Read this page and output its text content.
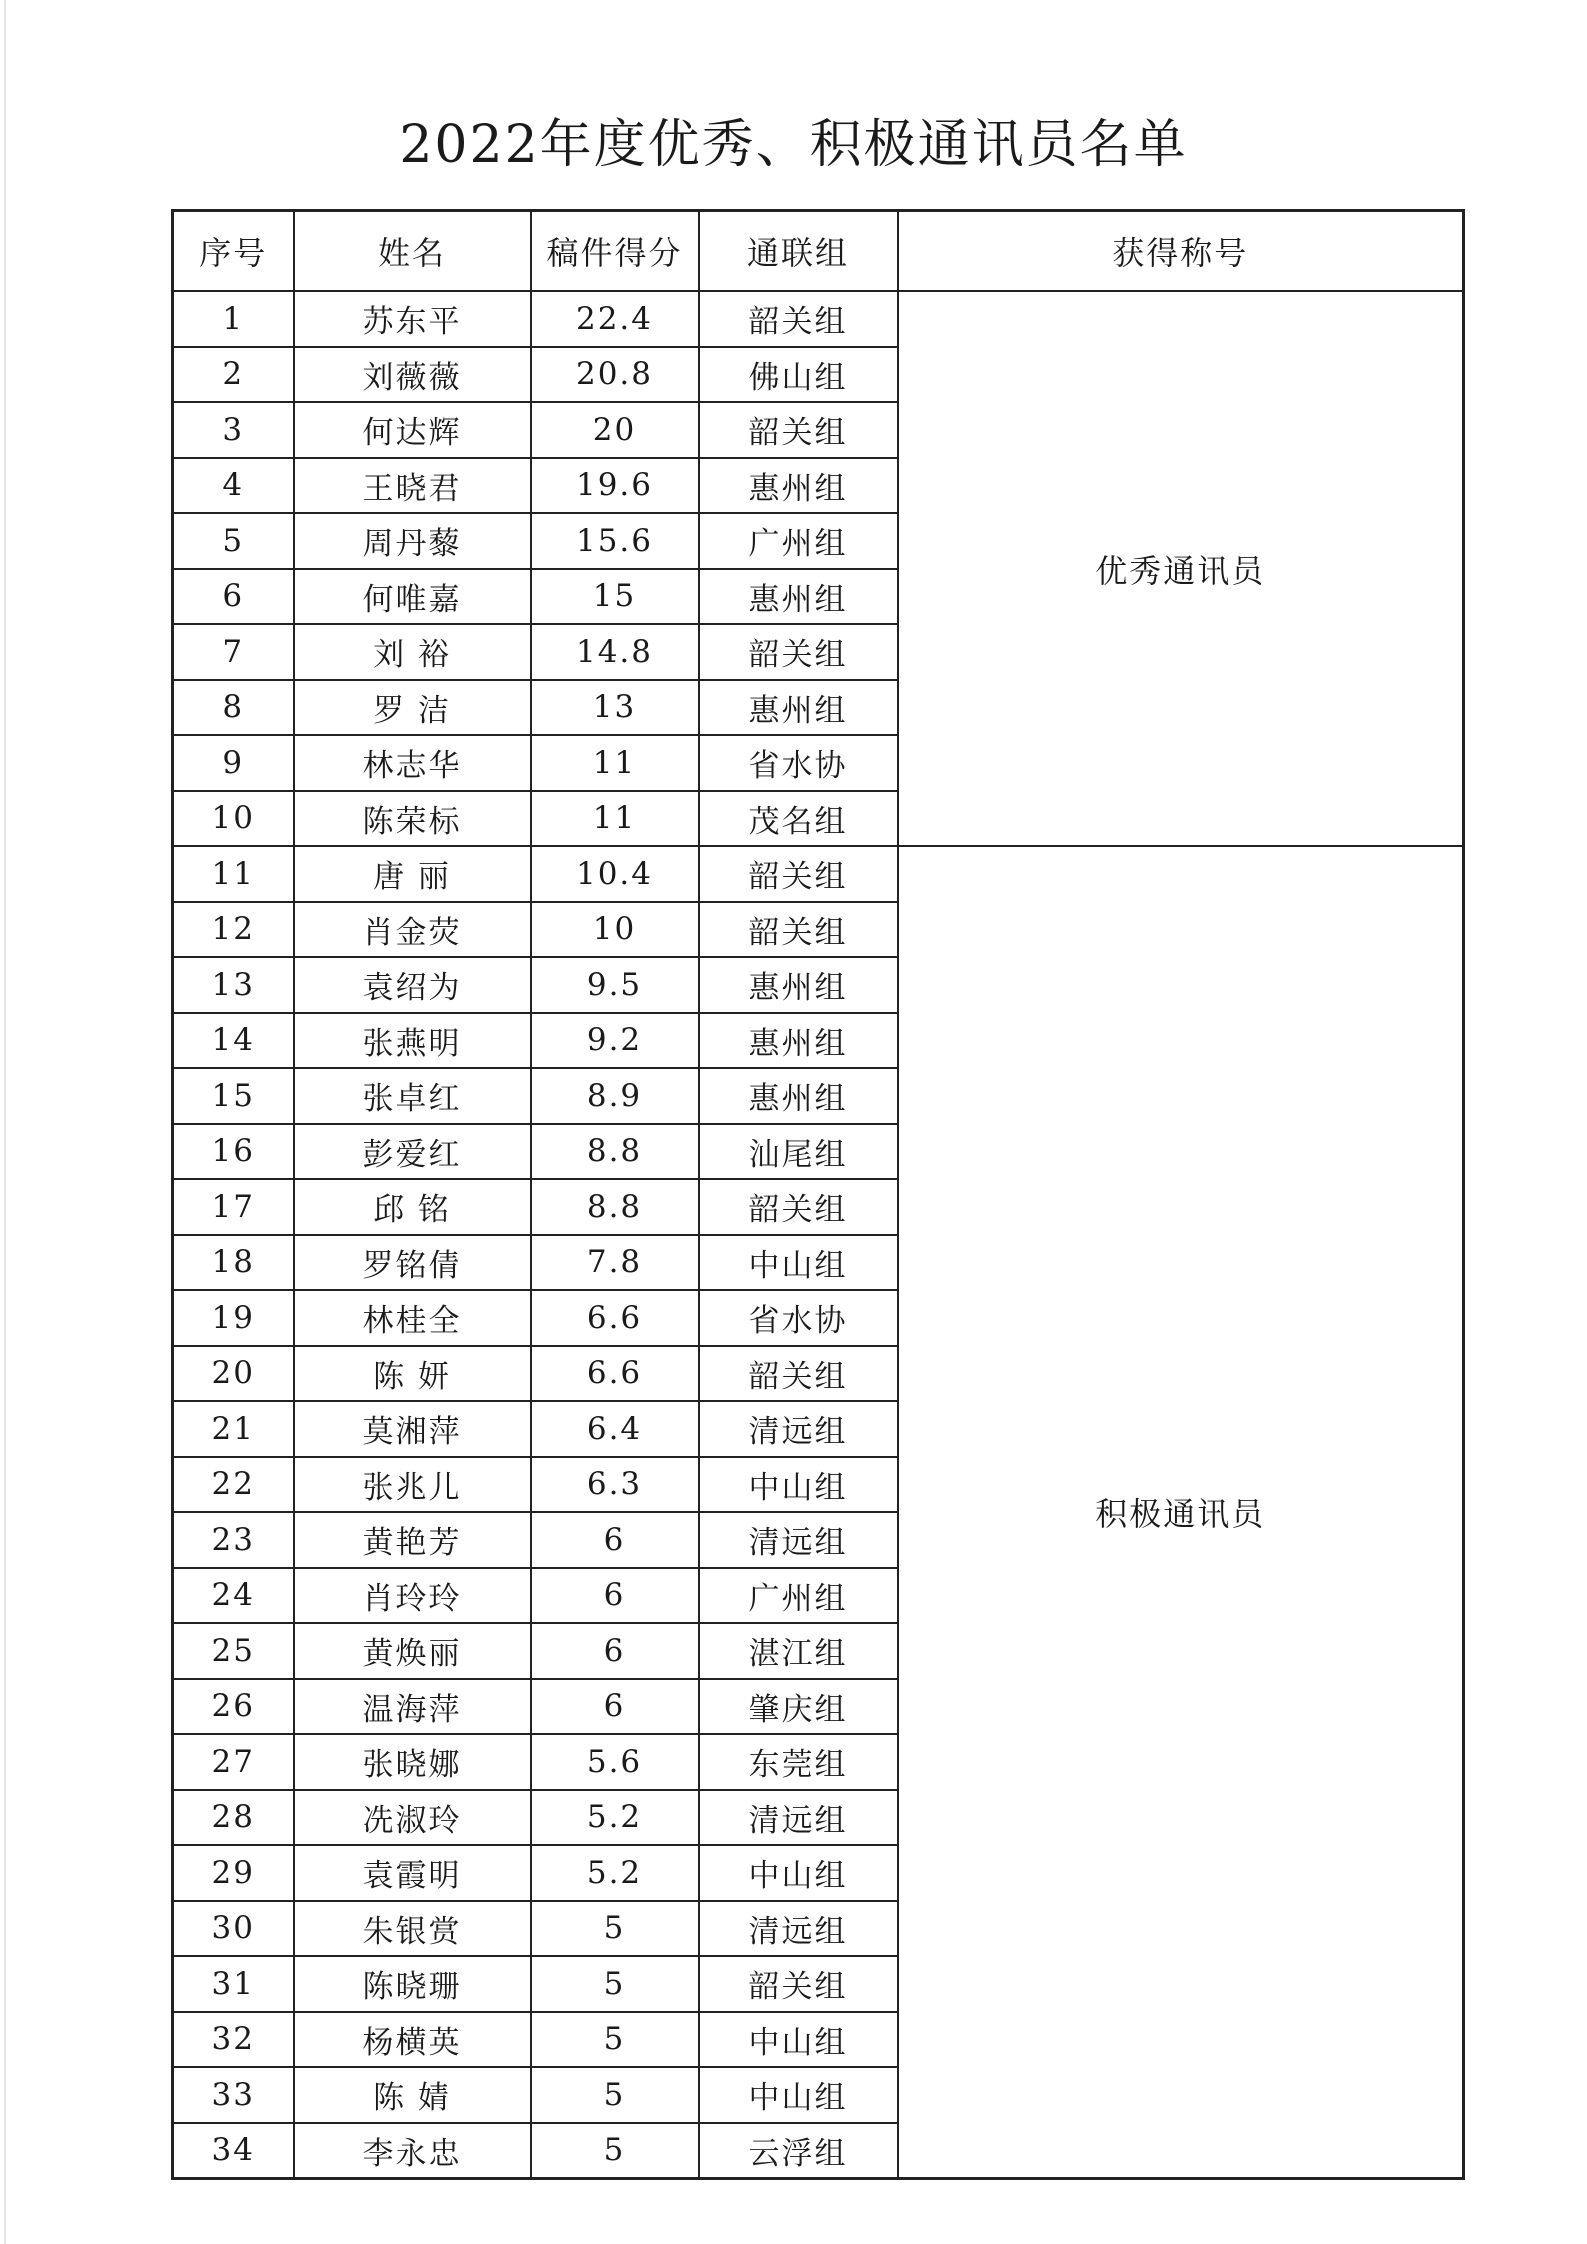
2022年度优秀、积极通讯员名单
序号	姓名	稿件得分	通联组	获得称号
1	苏东平	22.4	韶关组	优秀通讯员
2	刘薇薇	20.8	佛山组	
3	何达辉	20	韶关组	
4	王晓君	19.6	惠州组	
5	周丹藜	15.6	广州组	
6	何唯嘉	15	惠州组	
7	刘 裕	14.8	韶关组	
8	罗 洁	13	惠州组	
9	林志华	11	省水协	
10	陈荣标	11	茂名组	
11	唐 丽	10.4	韶关组	积极通讯员
12	肖金荧	10	韶关组	
13	袁绍为	9.5	惠州组	
14	张燕明	9.2	惠州组	
15	张卓红	8.9	惠州组	
16	彭爱红	8.8	汕尾组	
17	邱 铭	8.8	韶关组	
18	罗铭倩	7.8	中山组	
19	林桂全	6.6	省水协	
20	陈 妍	6.6	韶关组	
21	莫湘萍	6.4	清远组	
22	张兆儿	6.3	中山组	
23	黄艳芳	6	清远组	
24	肖玲玲	6	广州组	
25	黄焕丽	6	湛江组	
26	温海萍	6	肇庆组	
27	张晓娜	5.6	东莞组	
28	冼淑玲	5.2	清远组	
29	袁霞明	5.2	中山组	
30	朱银赏	5	清远组	
31	陈晓珊	5	韶关组	
32	杨横英	5	中山组	
33	陈 婧	5	中山组	
34	李永忠	5	云浮组	
